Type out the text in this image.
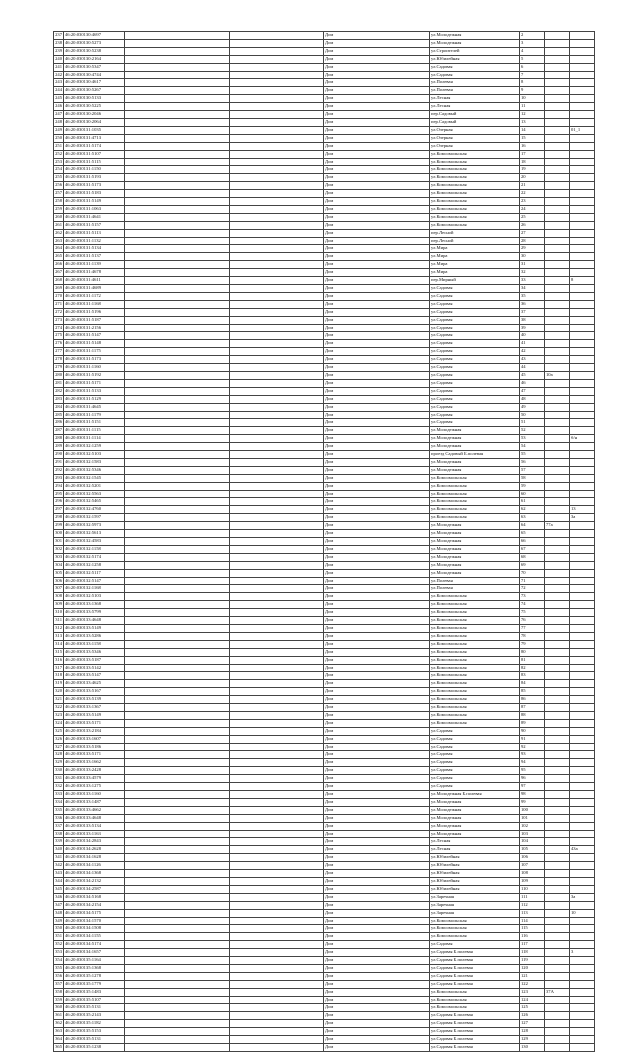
237	46:20:030130:4697			Дом	ул.Молодежная	2		
238	46:20:030130:5273			Дом	ул.Молодежная	3		
239	46:20:030130:5238			Дом	ул.Строителей	4		
240	46:20:030130:2164			Дом	ул.Юбилейная	5		
241	46:20:030130:5347			Дом	ул.Садовая	6		
242	46:20:030130:4744			Дом	ул.Садовая	7		
243	46:20:030130:4617			Дом	ул.Полевая	8		
244	46:20:030130:5267			Дом	ул.Полевая	9		
245	46:20:030130:5133			Дом	ул.Лесная	10		
246	46:20:030130:5225			Дом	ул.Лесная	11		
247	46:20:030130:2046			Дом	пер.Садовый	12		
248	46:20:030130:2064			Дом	пер.Садовый	13		
249	46:20:030131:1035			Дом	ул.Озерная	14		01_1
250	46:20:030131:4713			Дом	ул.Озерная	15		
251	46:20:030131:5174			Дом	ул.Озерная	16		
252	46:20:030131:5107			Дом	ул.Комсомольская	17		
253	46:20:030131:5115			Дом	ул.Комсомольская	18		
254	46:20:030131:1150			Дом	ул.Комсомольская	19		
255	46:20:030131:5193			Дом	ул.Комсомольская	20		
256	46:20:030131:5173			Дом	ул.Комсомольская	21		
257	46:20:030131:5183			Дом	ул.Комсомольская	22		
258	46:20:030131:5149			Дом	ул.Комсомольская	23		
259	46:20:030131:1063			Дом	ул.Комсомольская	24		
260	46:20:030131:4641			Дом	ул.Комсомольская	25		
261	46:20:030131:5157			Дом	ул.Комсомольская	26		
262	46:20:030131:5113			Дом	пер.Лесной	27		
263	46:20:030131:1132			Дом	пер.Лесной	28		
264	46:20:030131:5134			Дом	ул.Мира	29		
265	46:20:030131:5137			Дом	ул.Мира	30		
266	46:20:030131:1139			Дом	ул.Мира	31		
267	46:20:030131:4678			Дом	ул.Мира	32		
268	46:20:030131:4611			Дом	пер.Мирный	33		8
269	46:20:030131:4689			Дом	ул.Садовая	34		
270	46:20:030131:1172			Дом	ул.Садовая	35		
271	46:20:030131:1168			Дом	ул.Садовая	36		
272	46:20:030131:5196			Дом	ул.Садовая	37		
273	46:20:030131:5187			Дом	ул.Садовая	38		
274	46:20:030131:2156			Дом	ул.Садовая	39		
275	46:20:030131:5147			Дом	ул.Садовая	40		
276	46:20:030131:5148			Дом	ул.Садовая	41		
277	46:20:030131:1175			Дом	ул.Садовая	42		
278	46:20:030131:5173			Дом	ул.Садовая	43		
279	46:20:030131:1160			Дом	ул.Садовая	44		
280	46:20:030131:5192			Дом	ул.Садовая	45	10а	
281	46:20:030131:5171			Дом	ул.Садовая	46		
282	46:20:030131:5133			Дом	ул.Садовая	47		
283	46:20:030131:5129			Дом	ул.Садовая	48		
284	46:20:030131:4645			Дом	ул.Садовая	49		
285	46:20:030131:1179			Дом	ул.Садовая	50		
286	46:20:030131:5151			Дом	ул.Садовая	51		
287	46:20:030131:1115			Дом	ул.Молодежная	52		
288	46:20:030131:1114			Дом	ул.Молодежная	53		б/н
289	46:20:030132:1259			Дом	ул.Молодежная	54		
290	46:20:030132:5103			Дом	проезд Садовый Б.полевая	55		
291	46:20:030132:1583			Дом	ул.Молодежная	56		
292	46:20:030132:5346			Дом	ул.Молодежная	57		
293	46:20:030132:1545			Дом	ул.Комсомольская	58		
294	46:20:030132:5201			Дом	ул.Комсомольская	59		
295	46:20:030132:5563			Дом	ул.Комсомольская	60		
296	46:20:030132:5465			Дом	ул.Комсомольская	61		
297	46:20:030132:4760			Дом	ул.Комсомольская	62		13
298	46:20:030132:1597			Дом	ул.Комсомольская	63		3а
299	46:20:030132:5973			Дом	ул.Молодежная	64	77а	
300	46:20:030132:5613			Дом	ул.Молодежная	65		
301	46:20:030132:4583			Дом	ул.Молодежная	66		
302	46:20:030132:1158			Дом	ул.Молодежная	67		
303	46:20:030132:5174			Дом	ул.Молодежная	68		
304	46:20:030132:1258			Дом	ул.Молодежная	69		
305	46:20:030132:5117			Дом	ул.Молодежная	70		
306	46:20:030132:5147			Дом	ул.Полевая	71		
307	46:20:030132:1168			Дом	ул.Полевая	72		
308	46:20:030132:5103			Дом	ул.Комсомольская	73		
309	46:20:030133:1368			Дом	ул.Комсомольская	74		
310	46:20:030133:5799			Дом	ул.Комсомольская	75		
311	46:20:030133:4648			Дом	ул.Комсомольская	76		
312	46:20:030133:5149			Дом	ул.Комсомольская	77		
313	46:20:030133:5286			Дом	ул.Комсомольская	78		
314	46:20:030133:1158			Дом	ул.Комсомольская	79		
315	46:20:030133:5346			Дом	ул.Комсомольская	80		
316	46:20:030133:5187			Дом	ул.Комсомольская	81		
317	46:20:030133:5142			Дом	ул.Комсомольская	82		
318	46:20:030133:5147			Дом	ул.Комсомольская	83		
319	46:20:030133:4625			Дом	ул.Комсомольская	84		
320	46:20:030133:5167			Дом	ул.Комсомольская	85		
321	46:20:030133:5139			Дом	ул.Комсомольская	86		
322	46:20:030133:1367			Дом	ул.Комсомольская	87		
323	46:20:030133:5149			Дом	ул.Комсомольская	88		
324	46:20:030133:5171			Дом	ул.Комсомольская	89		
325	46:20:030133:2184			Дом	ул.Садовая	90		
326	46:20:030133:1607			Дом	ул.Садовая	91		
327	46:20:030133:5186			Дом	ул.Садовая	92		
328	46:20:030133:5171			Дом	ул.Садовая	93		
329	46:20:030133:1662			Дом	ул.Садовая	94		
330	46:20:030133:2428			Дом	ул.Садовая	95		
331	46:20:030133:4579			Дом	ул.Садовая	96		
332	46:20:030133:1275			Дом	ул.Садовая	97		
333	46:20:030133:1160			Дом	ул.Молодежная Б.полевая	98		
334	46:20:030133:1487			Дом	ул.Молодежная	99		
335	46:20:030133:4662			Дом	ул.Молодежная	100		
336	46:20:030133:4648			Дом	ул.Молодежная	101		
337	46:20:030133:5134			Дом	ул.Молодежная	102		
338	46:20:030133:1163			Дом	ул.Молодежная	103		
339	46:20:030134:2843			Дом	ул.Лесная	104		
340	46:20:030134:2628			Дом	ул.Лесная	105		43а
341	46:20:030134:1628			Дом	ул.Юбилейная	106		
342	46:20:030134:1126			Дом	ул.Юбилейная	107		
343	46:20:030134:1368			Дом	ул.Юбилейная	108		
344	46:20:030134:2132			Дом	ул.Юбилейная	109		
345	46:20:030134:2587			Дом	ул.Юбилейная	110		
346	46:20:030134:5168			Дом	ул.Заречная	111		3а
347	46:20:030134:2154			Дом	ул.Заречная	112		
348	46:20:030134:5175			Дом	ул.Заречная	113		10
349	46:20:030134:1570			Дом	ул.Комсомольская	114		
350	46:20:030134:1508			Дом	ул.Комсомольская	115		
351	46:20:030134:1155			Дом	ул.Комсомольская	116		
352	46:20:030134:5174			Дом	ул.Садовая	117		
353	46:20:030134:1657			Дом	ул.Садовая Б.полевая	118		3
354	46:20:030135:1164			Дом	ул.Садовая Б.полевая	119		
355	46:20:030135:1368			Дом	ул.Садовая Б.полевая	120		
356	46:20:030135:1278			Дом	ул.Садовая Б.полевая	121		
357	46:20:030135:1779			Дом	ул.Садовая Б.полевая	122		
358	46:20:030135:1483			Дом	ул.Комсомольская	123	37А	
359	46:20:030135:5107			Дом	ул.Комсомольская	124		
360	46:20:030135:5131			Дом	ул.Комсомольская	125		
361	46:20:030135:2143			Дом	ул.Садовая Б.полевая	126		
362	46:20:030135:1182			Дом	ул.Садовая Б.полевая	127		
363	46:20:030135:5153			Дом	ул.Садовая Б.полевая	128		
364	46:20:030135:5131			Дом	ул.Садовая Б.полевая	129		
365	46:20:030135:1238			Дом	ул.Садовая Б.полевая	130		
